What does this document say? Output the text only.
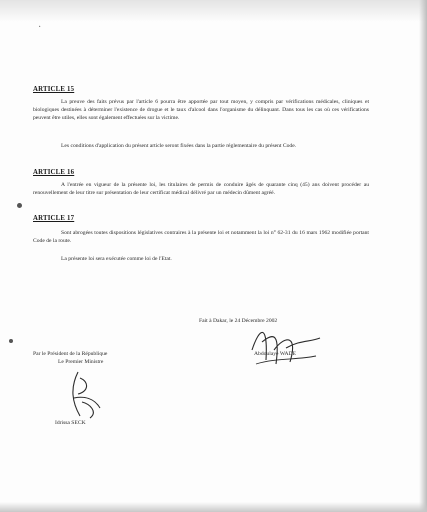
·
ARTICLE 15
La preuve des faits prévus par l'article 6 pourra être apportée par tout moyen, y compris par vérifications médicales, cliniques et biologiques destinées à déterminer l'existence de drogue et le taux d'alcool dans l'organisme du délinquant. Dans tous les cas où ces vérifications peuvent être utiles, elles sont également effectuées sur la victime.
Les conditions d'application du présent article seront fixées dans la partie réglementaire du présent Code.
ARTICLE 16
A l'entrée en vigueur de la présente loi, les titulaires de permis de conduire âgés de quarante cinq (45) ans doivent procéder au renouvellement de leur titre sur présentation de leur certificat médical délivré par un médecin dûment agréé.
ARTICLE 17
Sont abrogées toutes dispositions législatives contraires à la présente loi et notamment la loi n° 62-31 du 16 mars 1962 modifiée portant Code de la route.
La présente loi sera exécutée comme loi de l'Etat.
Fait à Dakar, le 24 Décembre 2002
Abdoulaye WADE
Par le Président de la République
Le Premier Ministre
Idrissa SECK
